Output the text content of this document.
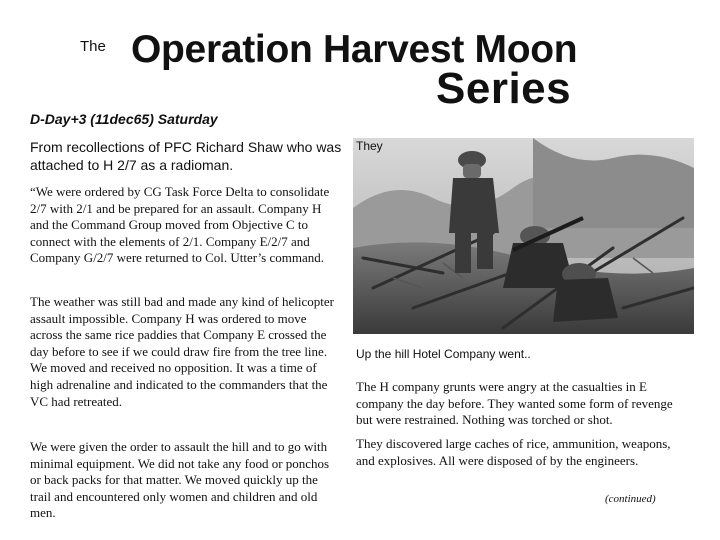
The Operation Harvest Moon
Series
D-Day+3 (11dec65) Saturday
From recollections of PFC Richard Shaw who was attached to H 2/7 as a radioman.
They

“We were ordered by CG Task Force Delta to consolidate 2/7 with 2/1 and be prepared for an assault. Company H and the Command Group moved from Objective C to connect with the elements of 2/1. Company E/2/7 and Company G/2/7 were returned to Col. Utter’s command.

The weather was still bad and made any kind of helicopter assault impossible. Company H was ordered to move across the same rice paddies that Company E crossed the day before to see if we could draw fire from the tree line. We moved and received no opposition. It was a time of high adrenaline and indicated to the commanders that the VC had retreated.

We were given the order to assault the hill and to go with minimal equipment. We did not take any food or ponchos or back packs for that matter. We moved quickly up the trail and encountered only women and children and old men.

Up the hill Hotel Company went..

The H company grunts were angry at the casualties in E company the day before. They wanted some form of revenge but were restrained. Nothing was torched or shot.

They discovered large caches of rice, ammunition, weapons, and explosives. All were disposed of by the engineers.

(continued)
